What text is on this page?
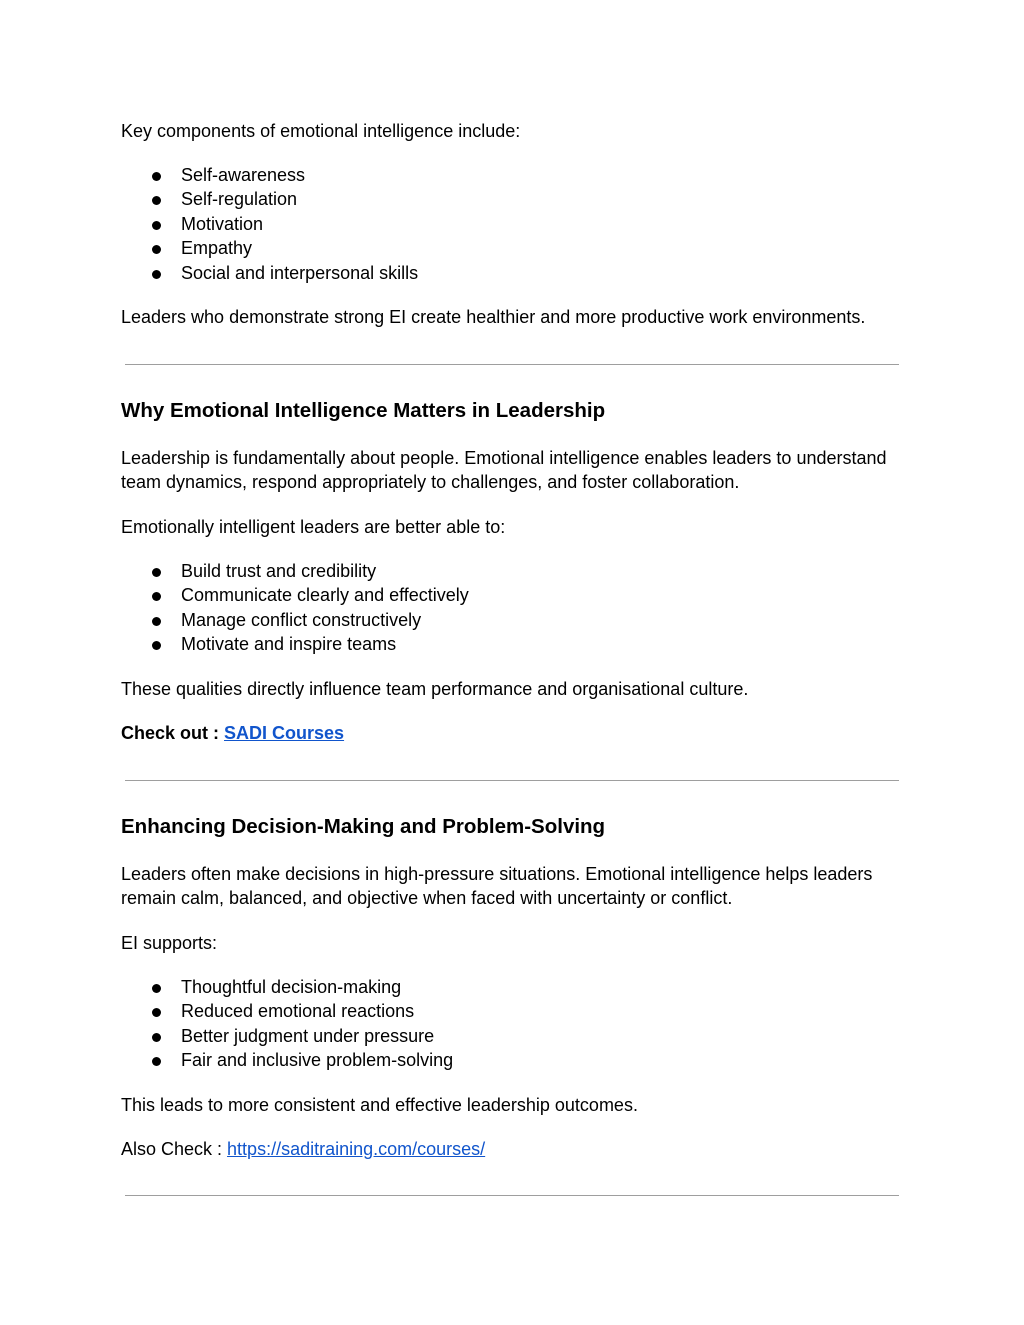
Key components of emotional intelligence include:

Self-awareness
Self-regulation
Motivation
Empathy
Social and interpersonal skills

Leaders who demonstrate strong EI create healthier and more productive work environments.

Why Emotional Intelligence Matters in Leadership

Leadership is fundamentally about people. Emotional intelligence enables leaders to understand team dynamics, respond appropriately to challenges, and foster collaboration.

Emotionally intelligent leaders are better able to:

Build trust and credibility
Communicate clearly and effectively
Manage conflict constructively
Motivate and inspire teams

These qualities directly influence team performance and organisational culture.

Check out : SADI Courses

Enhancing Decision-Making and Problem-Solving

Leaders often make decisions in high-pressure situations. Emotional intelligence helps leaders remain calm, balanced, and objective when faced with uncertainty or conflict.

EI supports:

Thoughtful decision-making
Reduced emotional reactions
Better judgment under pressure
Fair and inclusive problem-solving

This leads to more consistent and effective leadership outcomes.

Also Check : https://saditraining.com/courses/
